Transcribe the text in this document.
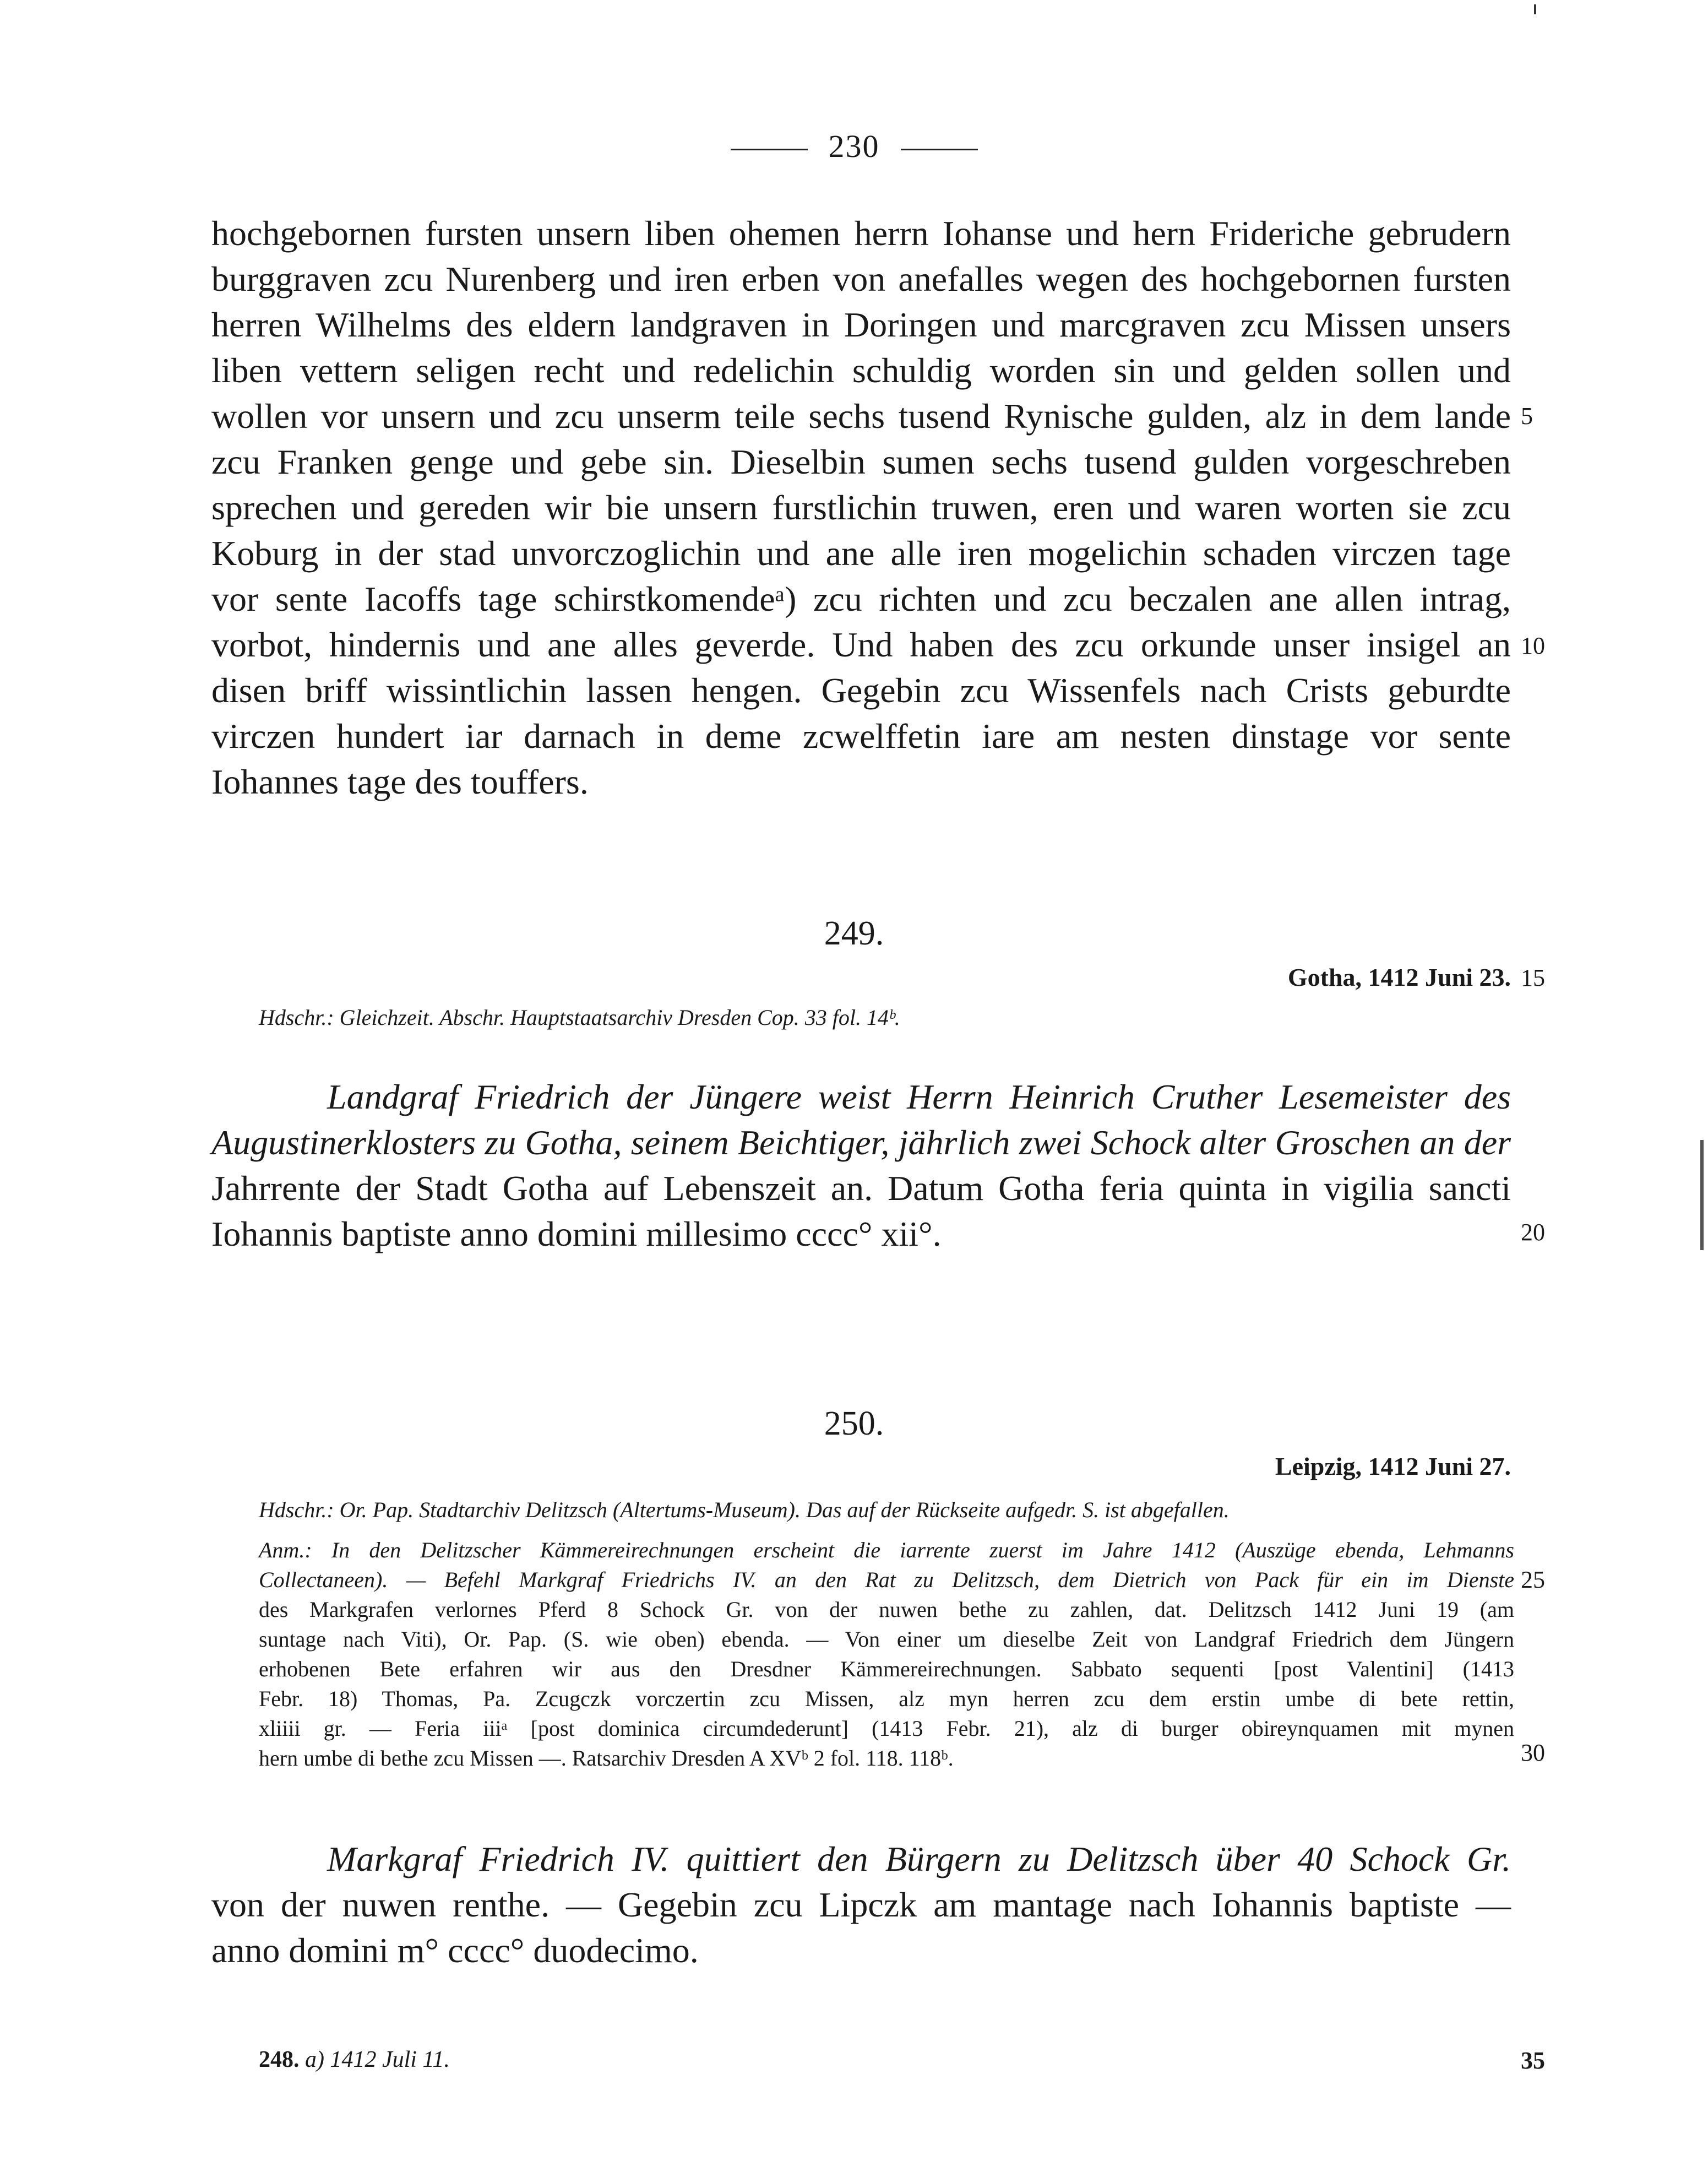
230
hochgebornen fursten unsern liben ohemen herrn Iohanse und hern Frideriche gebrudern
burggraven zcu Nurenberg und iren erben von anefalles wegen des hochgebornen fursten
herren Wilhelms des eldern landgraven in Doringen und marcgraven zcu Missen unsers
liben vettern seligen recht und redelichin schuldig worden sin und gelden sollen und
wollen vor unsern und zcu unserm teile sechs tusend Rynische gulden, alz in dem lande
zcu Franken genge und gebe sin. Dieselbin sumen sechs tusend gulden vorgeschreben
sprechen und gereden wir bie unsern furstlichin truwen, eren und waren worten sie zcu
Koburg in der stad unvorczoglichin und ane alle iren mogelichin schaden virczen tage
vor sente Iacoffs tage schirstkomendeᵃ) zcu richten und zcu beczalen ane allen intrag,
vorbot, hindernis und ane alles geverde. Und haben des zcu orkunde unser insigel an
disen briff wissintlichin lassen hengen. Gegebin zcu Wissenfels nach Crists geburdte
virczen hundert iar darnach in deme zcwelffetin iare am nesten dinstage vor sente
Iohannes tage des touffers.
5
10
249.
Gotha, 1412 Juni 23. 15
Hdschr.: Gleichzeit. Abschr. Hauptstaatsarchiv Dresden Cop. 33 fol. 14ᵇ.
Landgraf Friedrich der Jüngere weist Herrn Heinrich Cruther Lesemeister des
Augustinerklosters zu Gotha, seinem Beichtiger, jährlich zwei Schock alter Groschen an der
Jahrrente der Stadt Gotha auf Lebenszeit an. Datum Gotha feria quinta in vigilia sancti
Iohannis baptiste anno domini millesimo cccc° xii°.	20
250.
Leipzig, 1412 Juni 27.
Hdschr.: Or. Pap. Stadtarchiv Delitzsch (Altertums-Museum). Das auf der Rückseite aufgedr. S. ist abgefallen.
Anm.: In den Delitzscher Kämmereirechnungen erscheint die iarrente zuerst im Jahre 1412 (Auszüge ebenda, Lehmanns
Collectaneen). — Befehl Markgraf Friedrichs IV. an den Rat zu Delitzsch, dem Dietrich von Pack für ein im Dienste
des Markgrafen verlornes Pferd 8 Schock Gr. von der nuwen bethe zu zahlen, dat. Delitzsch 1412 Juni 19 (am
suntage nach Viti), Or. Pap. (S. wie oben) ebenda. — Von einer um dieselbe Zeit von Landgraf Friedrich dem Jüngern
erhobenen Bete erfahren wir aus den Dresdner Kämmereirechnungen. Sabbato sequenti [post Valentini] (1413
Febr. 18) Thomas, Pa. Zcugczk vorczertin zcu Missen, alz myn herren zcu dem erstin umbe di bete rettin,
xliiii gr. — Feria iiiᵃ [post dominica circumdederunt] (1413 Febr. 21), alz di burger obireynquamen mit mynen
hern umbe di bethe zcu Missen —. Ratsarchiv Dresden A XVᵇ 2 fol. 118. 118ᵇ.
25
30
Markgraf Friedrich IV. quittiert den Bürgern zu Delitzsch über 40 Schock Gr.
von der nuwen renthe. — Gegebin zcu Lipczk am mantage nach Iohannis baptiste —
anno domini m° cccc° duodecimo.
248. a) 1412 Juli 11.	35
